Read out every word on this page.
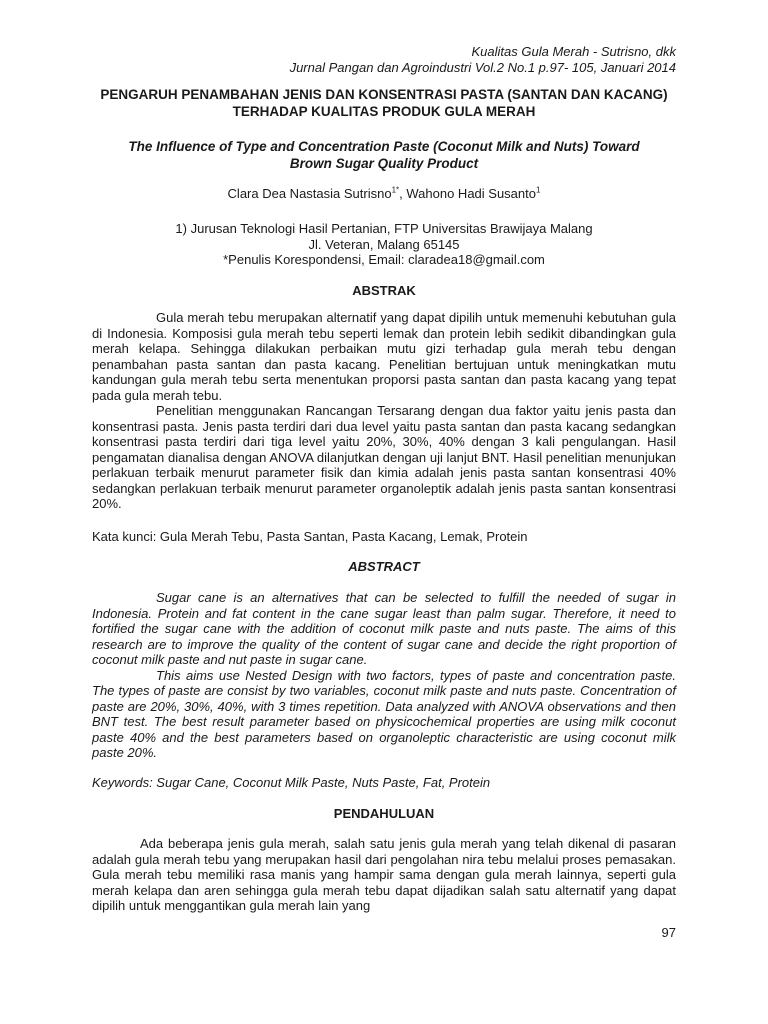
Kualitas Gula Merah - Sutrisno, dkk
Jurnal Pangan dan Agroindustri Vol.2 No.1 p.97- 105, Januari 2014
PENGARUH PENAMBAHAN JENIS DAN KONSENTRASI PASTA (SANTAN DAN KACANG) TERHADAP KUALITAS PRODUK GULA MERAH
The Influence of Type and Concentration Paste (Coconut Milk and Nuts) Toward Brown Sugar Quality Product
Clara Dea Nastasia Sutrisno$^{1*}$, Wahono Hadi Susanto$^1$
1) Jurusan Teknologi Hasil Pertanian, FTP Universitas Brawijaya Malang
Jl. Veteran, Malang 65145
*Penulis Korespondensi, Email: claradea18@gmail.com
ABSTRAK

Gula merah tebu merupakan alternatif yang dapat dipilih untuk memenuhi kebutuhan gula di Indonesia. Komposisi gula merah tebu seperti lemak dan protein lebih sedikit dibandingkan gula merah kelapa. Sehingga dilakukan perbaikan mutu gizi terhadap gula merah tebu dengan penambahan pasta santan dan pasta kacang. Penelitian bertujuan untuk meningkatkan mutu kandungan gula merah tebu serta menentukan proporsi pasta santan dan pasta kacang yang tepat pada gula merah tebu.

Penelitian menggunakan Rancangan Tersarang dengan dua faktor yaitu jenis pasta dan konsentrasi pasta. Jenis pasta terdiri dari dua level yaitu pasta santan dan pasta kacang sedangkan konsentrasi pasta terdiri dari tiga level yaitu 20%, 30%, 40% dengan 3 kali pengulangan. Hasil pengamatan dianalisa dengan ANOVA dilanjutkan dengan uji lanjut BNT. Hasil penelitian menunjukan perlakuan terbaik menurut parameter fisik dan kimia adalah jenis pasta santan konsentrasi 40% sedangkan perlakuan terbaik menurut parameter organoleptik adalah jenis pasta santan konsentrasi 20%.

Kata kunci: Gula Merah Tebu, Pasta Santan, Pasta Kacang, Lemak, Protein
ABSTRACT

Sugar cane is an alternatives that can be selected to fulfill the needed of sugar in Indonesia. Protein and fat content in the cane sugar least than palm sugar. Therefore, it need to fortified the sugar cane with the addition of coconut milk paste and nuts paste. The aims of this research are to improve the quality of the content of sugar cane and decide the right proportion of coconut milk paste and nut paste in sugar cane.

This aims use Nested Design with two factors, types of paste and concentration paste. The types of paste are consist by two variables, coconut milk paste and nuts paste. Concentration of paste are 20%, 30%, 40%, with 3 times repetition. Data analyzed with ANOVA observations and then BNT test. The best result parameter based on physicochemical properties are using milk coconut paste 40% and the best parameters based on organoleptic characteristic are using coconut milk paste 20%.

Keywords: Sugar Cane, Coconut Milk Paste, Nuts Paste, Fat, Protein
PENDAHULUAN

Ada beberapa jenis gula merah, salah satu jenis gula merah yang telah dikenal di pasaran adalah gula merah tebu yang merupakan hasil dari pengolahan nira tebu melalui proses pemasakan. Gula merah tebu memiliki rasa manis yang hampir sama dengan gula merah lainnya, seperti gula merah kelapa dan aren sehingga gula merah tebu dapat dijadikan salah satu alternatif yang dapat dipilih untuk menggantikan gula merah lain yang

97
